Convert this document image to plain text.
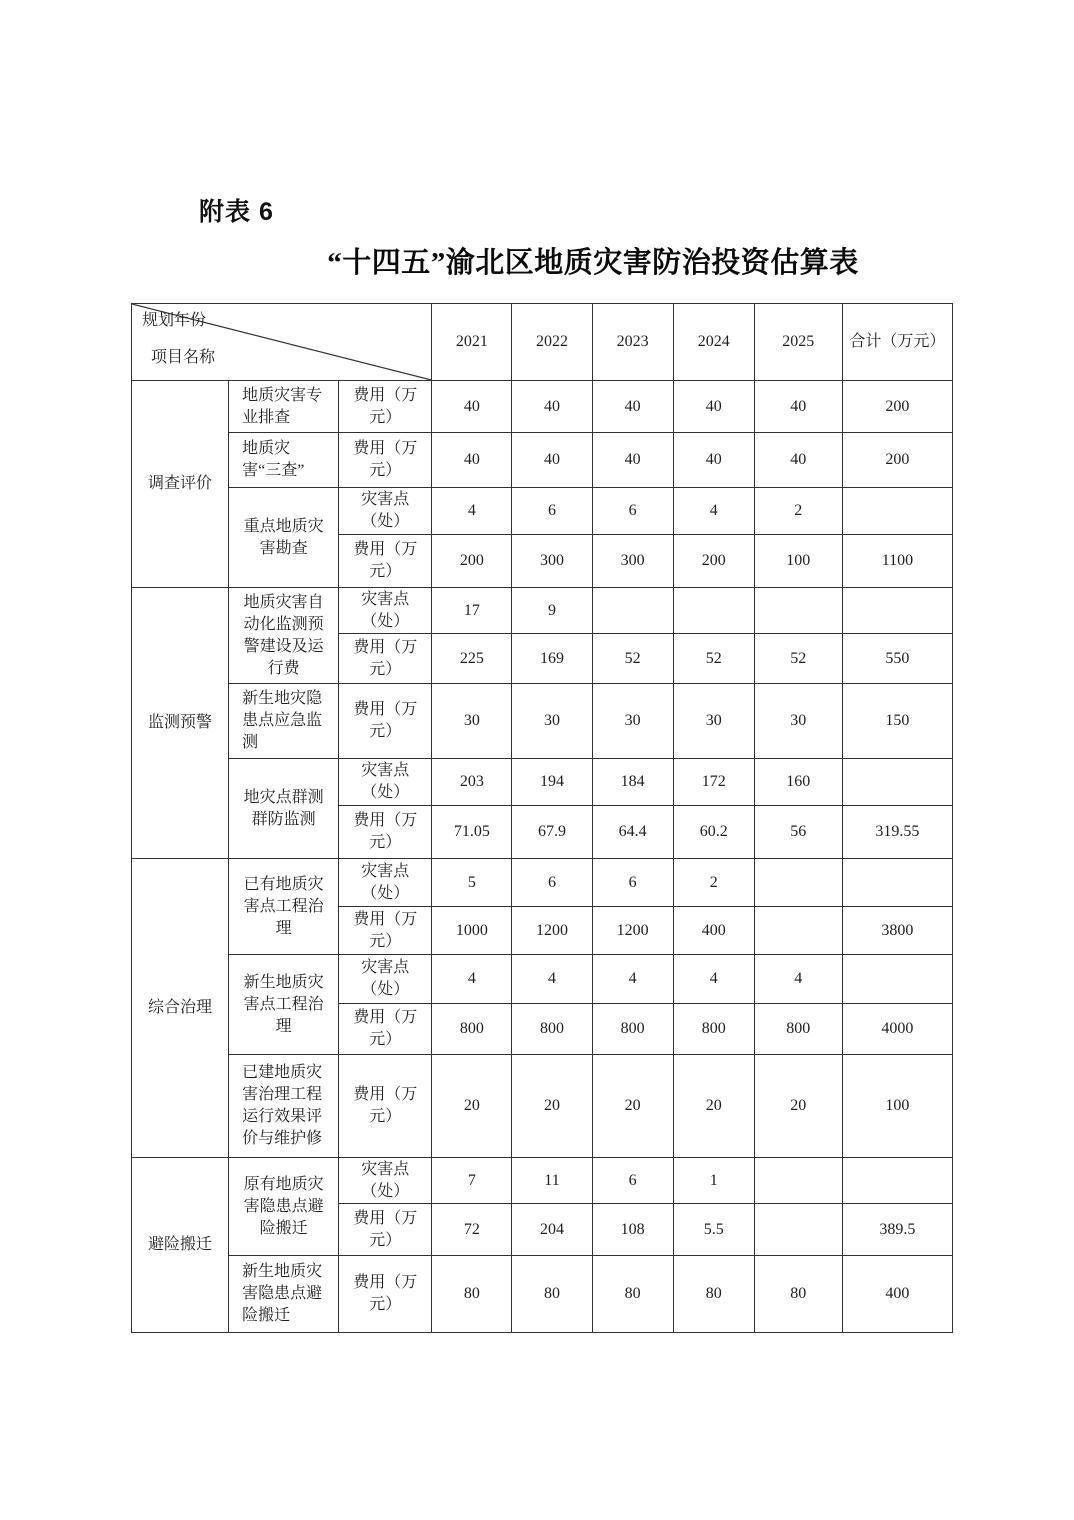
附表 6
“十四五”渝北区地质灾害防治投资估算表
规划年份
项目名称			2021	2022	2023	2024	2025	合计（万元）
调查评价	地质灾害专业排查	费用（万元）	40	40	40	40	40	200
	地质灾害“三查”	费用（万元）	40	40	40	40	40	200
	重点地质灾害勘查	灾害点（处）	4	6	6	4	2	
		费用（万元）	200	300	300	200	100	1100
监测预警	地质灾害自动化监测预警建设及运行费	灾害点（处）	17	9				
		费用（万元）	225	169	52	52	52	550
	新生地灾隐患点应急监测	费用（万元）	30	30	30	30	30	150
	地灾点群测群防监测	灾害点（处）	203	194	184	172	160	
		费用（万元）	71.05	67.9	64.4	60.2	56	319.55
综合治理	已有地质灾害点工程治理	灾害点（处）	5	6	6	2		
		费用（万元）	1000	1200	1200	400		3800
	新生地质灾害点工程治理	灾害点（处）	4	4	4	4	4	
		费用（万元）	800	800	800	800	800	4000
	已建地质灾害治理工程运行效果评价与维护修	费用（万元）	20	20	20	20	20	100
避险搬迁	原有地质灾害隐患点避险搬迁	灾害点（处）	7	11	6	1		
		费用（万元）	72	204	108	5.5		389.5
	新生地质灾害隐患点避险搬迁	费用（万元）	80	80	80	80	80	400
